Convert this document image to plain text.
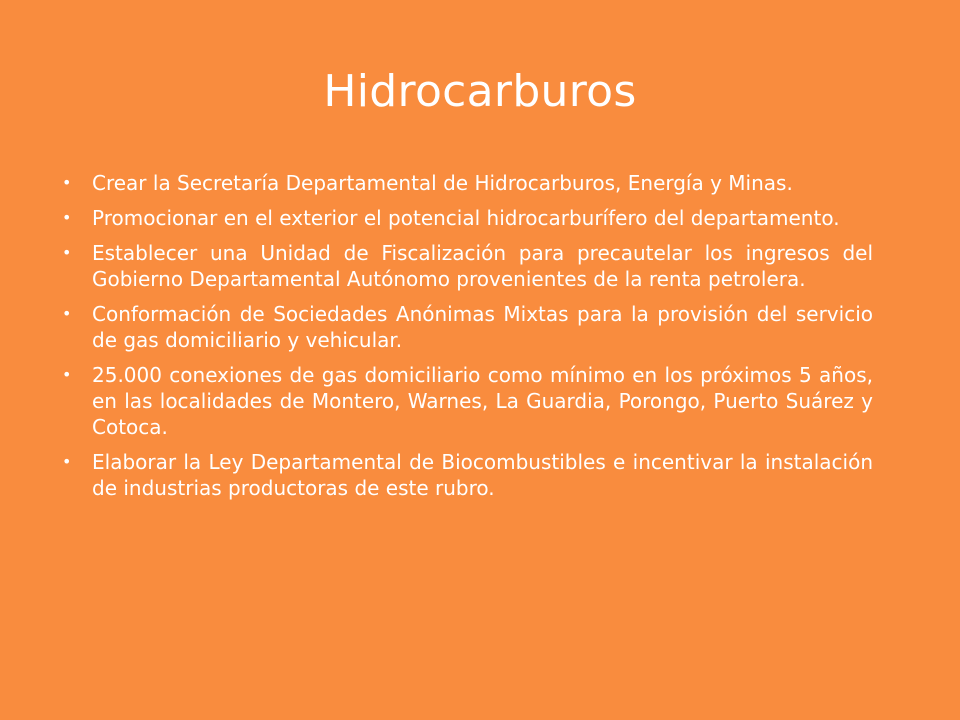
Hidrocarburos
• Crear la Secretaría Departamental de Hidrocarburos, Energía y Minas.
• Promocionar en el exterior el potencial hidrocarburífero del departamento.
• Establecer una Unidad de Fiscalización para precautelar los ingresos del Gobierno Departamental Autónomo provenientes de la renta petrolera.
• Conformación de Sociedades Anónimas Mixtas para la provisión del servicio de gas domiciliario y vehicular.
• 25.000 conexiones de gas domiciliario como mínimo en los próximos 5 años, en las localidades de Montero, Warnes, La Guardia, Porongo, Puerto Suárez y Cotoca.
• Elaborar la Ley Departamental de Biocombustibles e incentivar la instalación de industrias productoras de este rubro.
